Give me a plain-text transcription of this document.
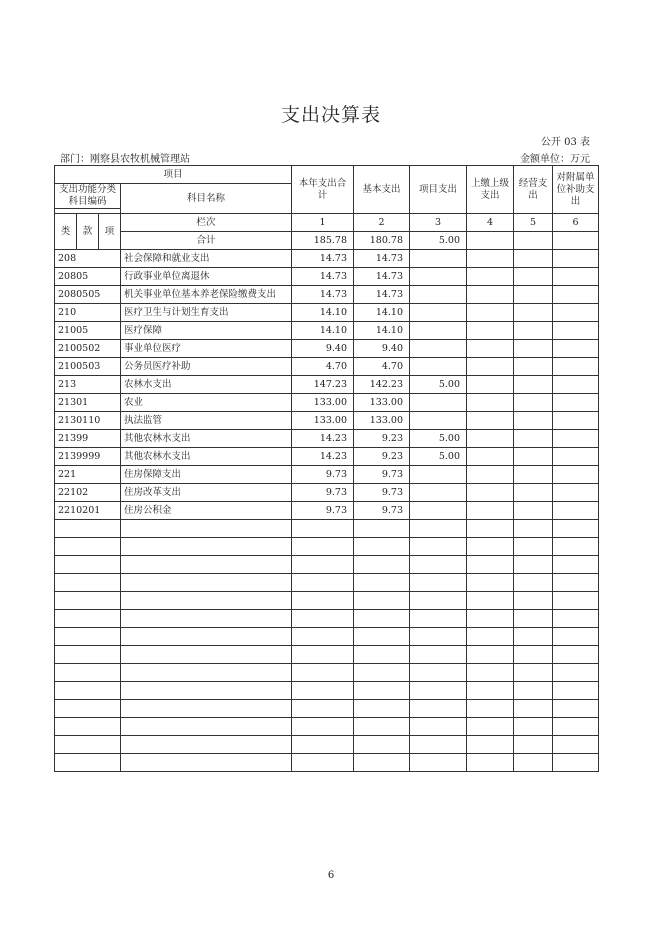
支出决算表
公开 03 表
部门：刚察县农牧机械管理站	金额单位：万元
项目				本年支出合计	基本支出	项目支出	上缴上级支出	经营支出	对附属单位补助支出
支出功能分类科目编码			科目名称						

类	款	项	栏次	1	2	3	4	5	6
			合计	185.78	180.78	5.00			
208			社会保障和就业支出	14.73	14.73				
20805			行政事业单位离退休	14.73	14.73				
2080505			机关事业单位基本养老保险缴费支出	14.73	14.73				
210			医疗卫生与计划生育支出	14.10	14.10				
21005			医疗保障	14.10	14.10				
2100502			事业单位医疗	9.40	9.40				
2100503			公务员医疗补助	4.70	4.70				
213			农林水支出	147.23	142.23	5.00			
21301			农业	133.00	133.00				
2130110			执法监管	133.00	133.00				
21399			其他农林水支出	14.23	9.23	5.00			
2139999			其他农林水支出	14.23	9.23	5.00			
221			住房保障支出	9.73	9.73				
22102			住房改革支出	9.73	9.73				
2210201			住房公积金	9.73	9.73				

6
